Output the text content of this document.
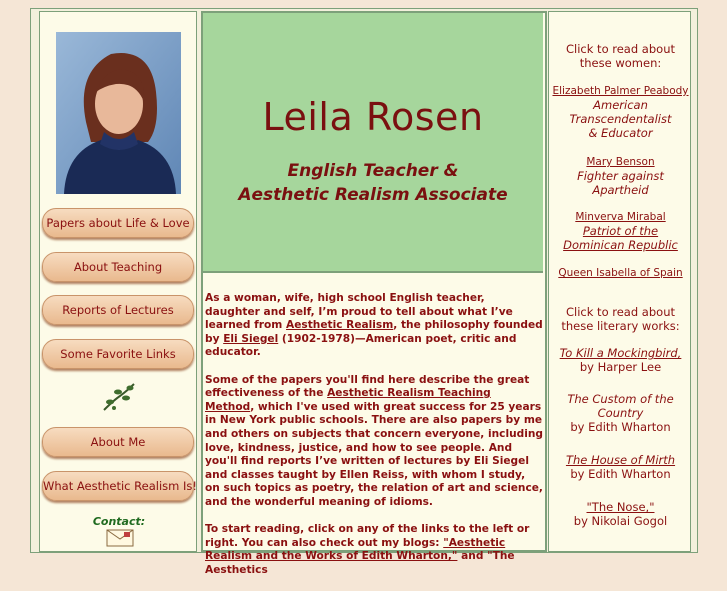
Papers about Life & Love
About Teaching
Reports of Lectures
Some Favorite Links
About Me
What Aesthetic Realism Is!
Contact:
Leila Rosen
English Teacher &
Aesthetic Realism Associate

As a woman, wife, high school English teacher, daughter and self, I’m proud to tell about what I’ve learned from Aesthetic Realism, the philosophy founded by Eli Siegel (1902-1978)—American poet, critic and educator.

Some of the papers you'll find here describe the great effectiveness of the Aesthetic Realism Teaching Method, which I've used with great success for 25 years in New York public schools. There are also papers by me and others on subjects that concern everyone, including love, kindness, justice, and how to see people. And you'll find reports I’ve written of lectures by Eli Siegel and classes taught by Ellen Reiss, with whom I study, on such topics as poetry, the relation of art and science, and the wonderful meaning of idioms.

To start reading, click on any of the links to the left or right. You can also check out my blogs: "Aesthetic Realism and the Works of Edith Wharton," and "The Aesthetics

Click to read about
these women:
Elizabeth Palmer Peabody
American
Transcendentalist
& Educator
Mary Benson
Fighter against
Apartheid
Minverva Mirabal
Patriot of the
Dominican Republic
Queen Isabella of Spain
Click to read about
these literary works:
To Kill a Mockingbird,
by Harper Lee
The Custom of the
Country
by Edith Wharton
The House of Mirth
by Edith Wharton
"The Nose,"
by Nikolai Gogol
